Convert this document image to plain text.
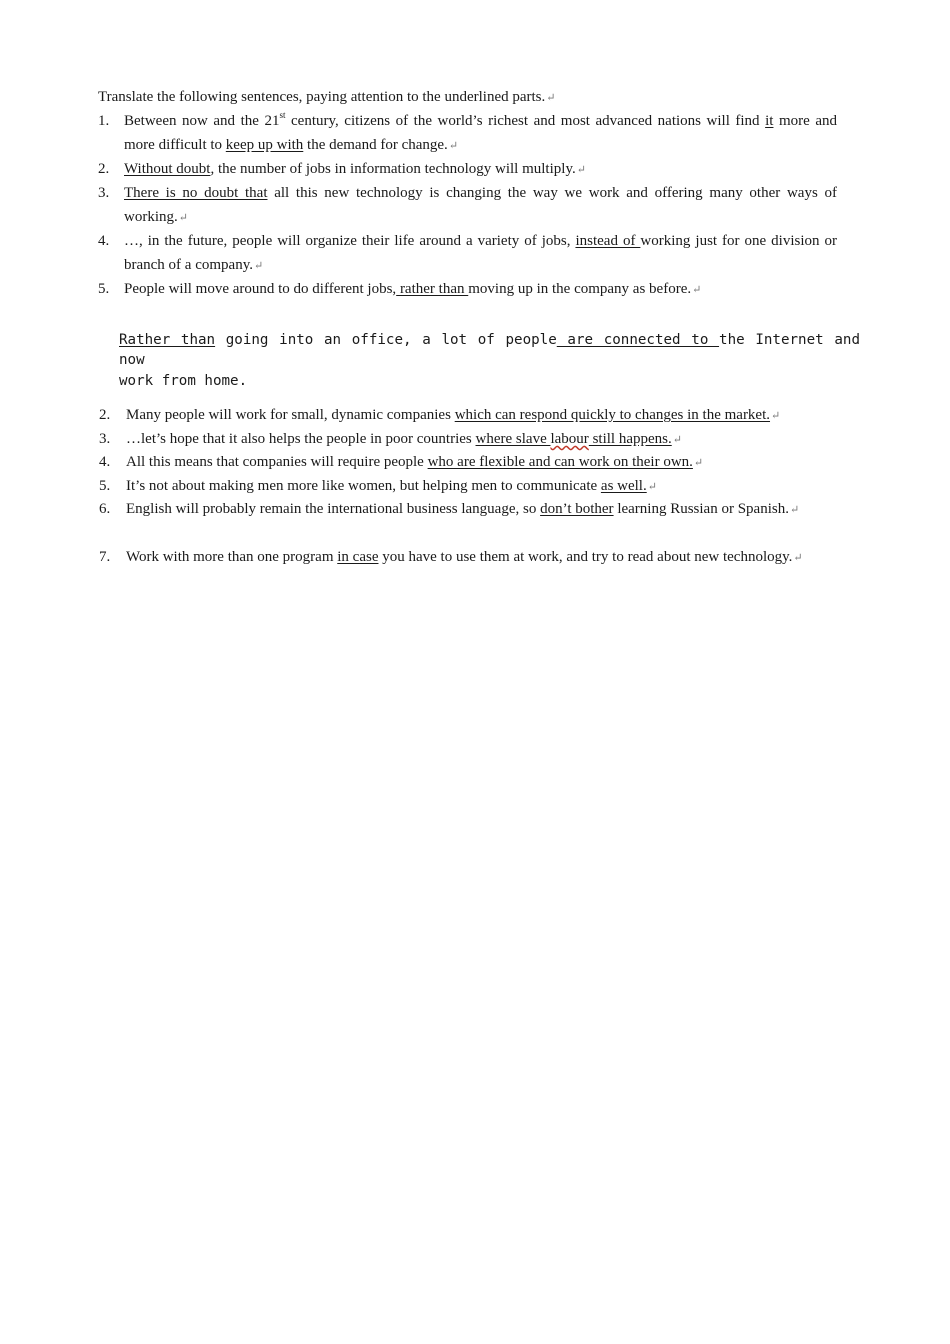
Translate the following sentences, paying attention to the underlined parts.↵
1. Between now and the 21st century, citizens of the world’s richest and most advanced nations will find it more and more difficult to keep up with the demand for change.↵
2. Without doubt, the number of jobs in information technology will multiply.↵
3. There is no doubt that all this new technology is changing the way we work and offering many other ways of working.↵
4. …, in the future, people will organize their life around a variety of jobs, instead of working just for one division or branch of a company.↵
5. People will move around to do different jobs, rather than moving up in the company as before.↵
Rather than going into an office, a lot of people are connected to the Internet and now
work from home.
2. Many people will work for small, dynamic companies which can respond quickly to changes in the market.↵
3. …let’s hope that it also helps the people in poor countries where slave labour still happens.↵
4. All this means that companies will require people who are flexible and can work on their own.↵
5. It’s not about making men more like women, but helping men to communicate as well.↵
6. English will probably remain the international business language, so don’t bother learning Russian or Spanish.↵
7. Work with more than one program in case you have to use them at work, and try to read about new technology.↵
